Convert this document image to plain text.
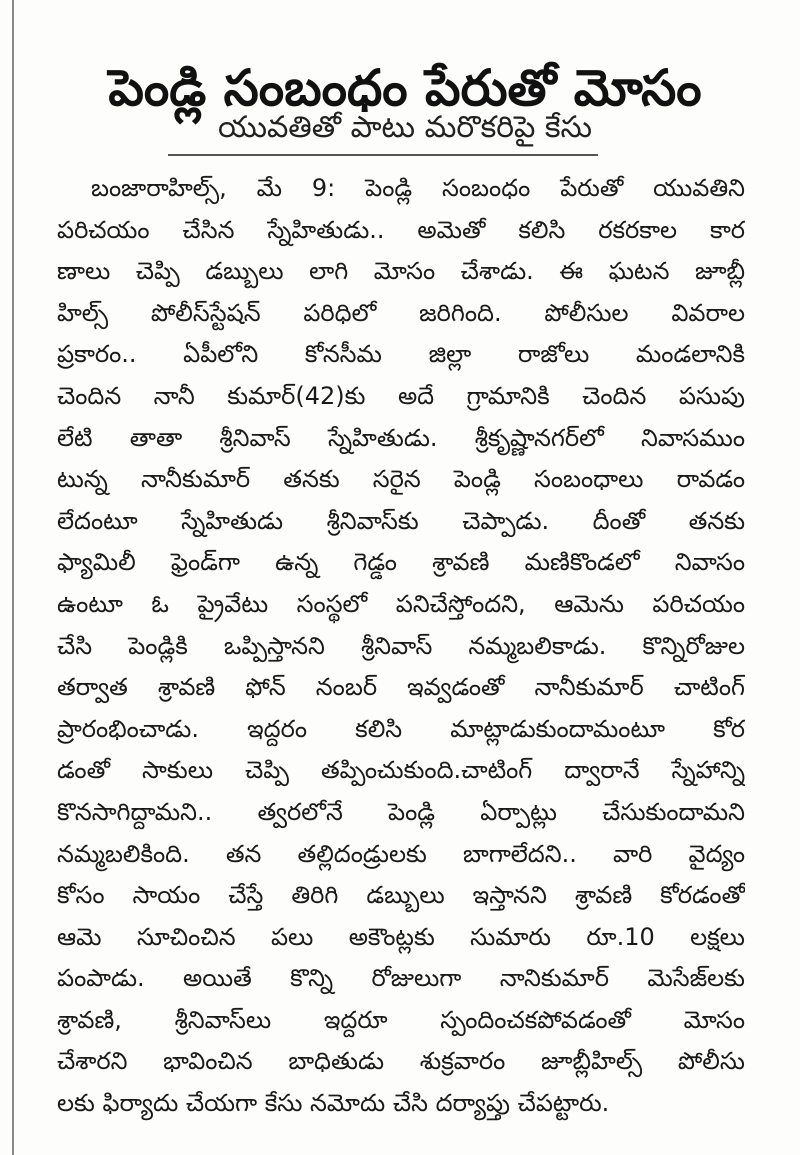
పెండ్లి సంబంధం పేరుతో మోసం
యువతితో పాటు మరొకరిపై కేసు
బంజారాహిల్స్, మే 9: పెండ్లి సంబంధం పేరుతో యువతిని
పరిచయం చేసిన స్నేహితుడు.. అమెతో కలిసి రకరకాల కార
ణాలు చెప్పి డబ్బులు లాగి మోసం చేశాడు. ఈ ఘటన జూబ్లీ
హిల్స్ పోలీస్‌స్టేషన్ పరిధిలో జరిగింది. పోలీసుల వివరాల
ప్రకారం.. ఏపీలోని కోనసీమ జిల్లా రాజోలు మండలానికి
చెందిన నానీ కుమార్(42)కు అదే గ్రామానికి చెందిన పసుపు
లేటి తాతా శ్రీనివాస్ స్నేహితుడు. శ్రీకృష్ణానగర్‌లో నివాసముం
టున్న నానీకుమార్ తనకు సరైన పెండ్లి సంబంధాలు రావడం
లేదంటూ స్నేహితుడు శ్రీనివాస్‌కు చెప్పాడు. దీంతో తనకు
ఫ్యామిలీ ఫ్రెండ్‌గా ఉన్న గెడ్డం శ్రావణి మణికొండలో నివాసం
ఉంటూ ఓ ప్రైవేటు సంస్థలో పనిచేస్తోందని, ఆమెను పరిచయం
చేసి పెండ్లికి ఒప్పిస్తానని శ్రీనివాస్ నమ్మబలికాడు. కొన్నిరోజుల
తర్వాత శ్రావణి ఫోన్ నంబర్ ఇవ్వడంతో నానీకుమార్ చాటింగ్
ప్రారంభించాడు. ఇద్దరం కలిసి మాట్లాడుకుందామంటూ కోర
డంతో సాకులు చెప్పి తప్పించుకుంది.చాటింగ్ ద్వారానే స్నేహాన్ని
కొనసాగిద్దామని.. త్వరలోనే పెండ్లి ఏర్పాట్లు చేసుకుందామని
నమ్మబలికింది. తన తల్లిదండ్రులకు బాగాలేదని.. వారి వైద్యం
కోసం సాయం చేస్తే తిరిగి డబ్బులు ఇస్తానని శ్రావణి కోరడంతో
ఆమె సూచించిన పలు అకౌంట్లకు సుమారు రూ.10 లక్షలు
పంపాడు. అయితే కొన్ని రోజులుగా నానికుమార్ మెసేజ్‌లకు
శ్రావణి, శ్రీనివాస్‌లు ఇద్దరూ స్పందించకపోవడంతో మోసం
చేశారని భావించిన బాధితుడు శుక్రవారం జూబ్లీహిల్స్ పోలీసు
లకు ఫిర్యాదు చేయగా కేసు నమోదు చేసి దర్యాప్తు చేపట్టారు.
